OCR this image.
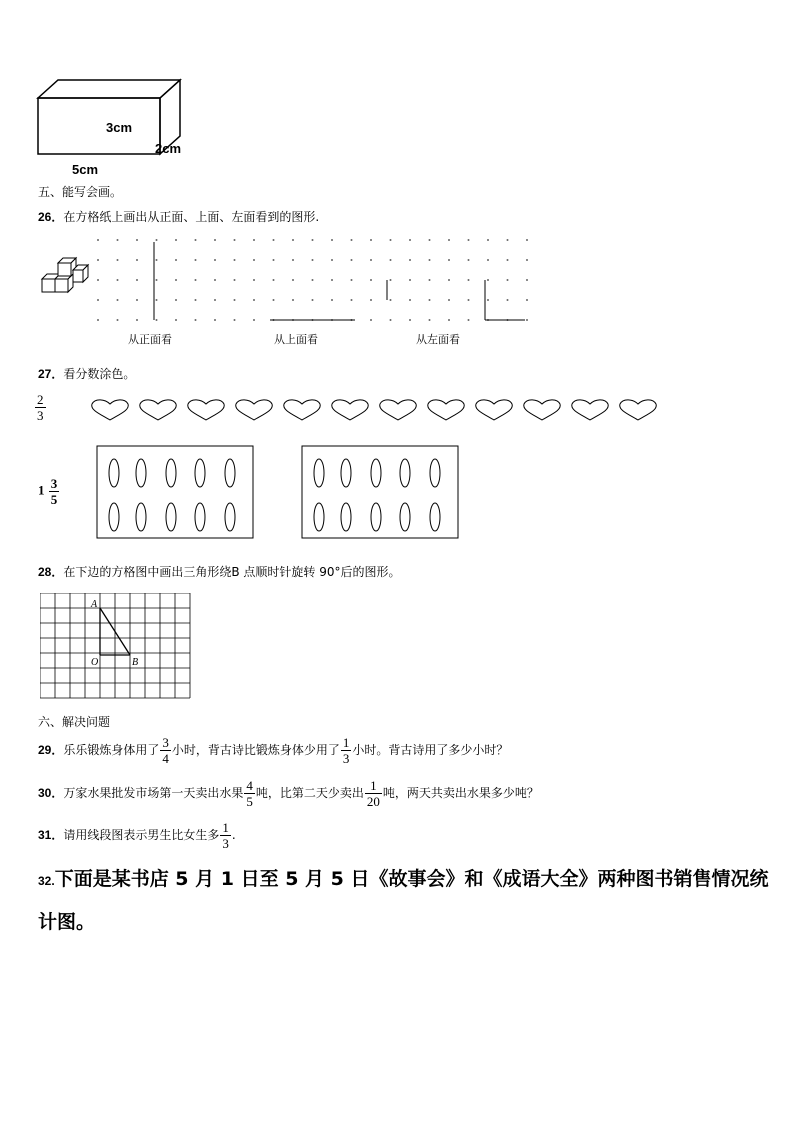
3cm
2cm
5cm
五、能写会画。
26．在方格纸上画出从正面、上面、左面看到的图形.
从正面看	从上面看	从左面看
27．看分数涂色。
$\frac{2}{3}$
$1 \frac{3}{5}$
28．在下边的方格图中画出三角形绕B 点顺时针旋转 90°后的图形。
A
O	B
六、解决问题
29．乐乐锻炼身体用了 $\frac{3}{4}$ 小时，背古诗比锻炼身体少用了 $\frac{1}{3}$ 小时。背古诗用了多少小时？
30．万家水果批发市场第一天卖出水果 $\frac{4}{5}$ 吨，比第二天少卖出 $\frac{1}{20}$ 吨，两天共卖出水果多少吨？
31．请用线段图表示男生比女生多 $\frac{1}{3}$ .
32.下面是某书店 5 月 1 日至 5 月 5 日《故事会》和《成语大全》两种图书销售情况统
计图。
